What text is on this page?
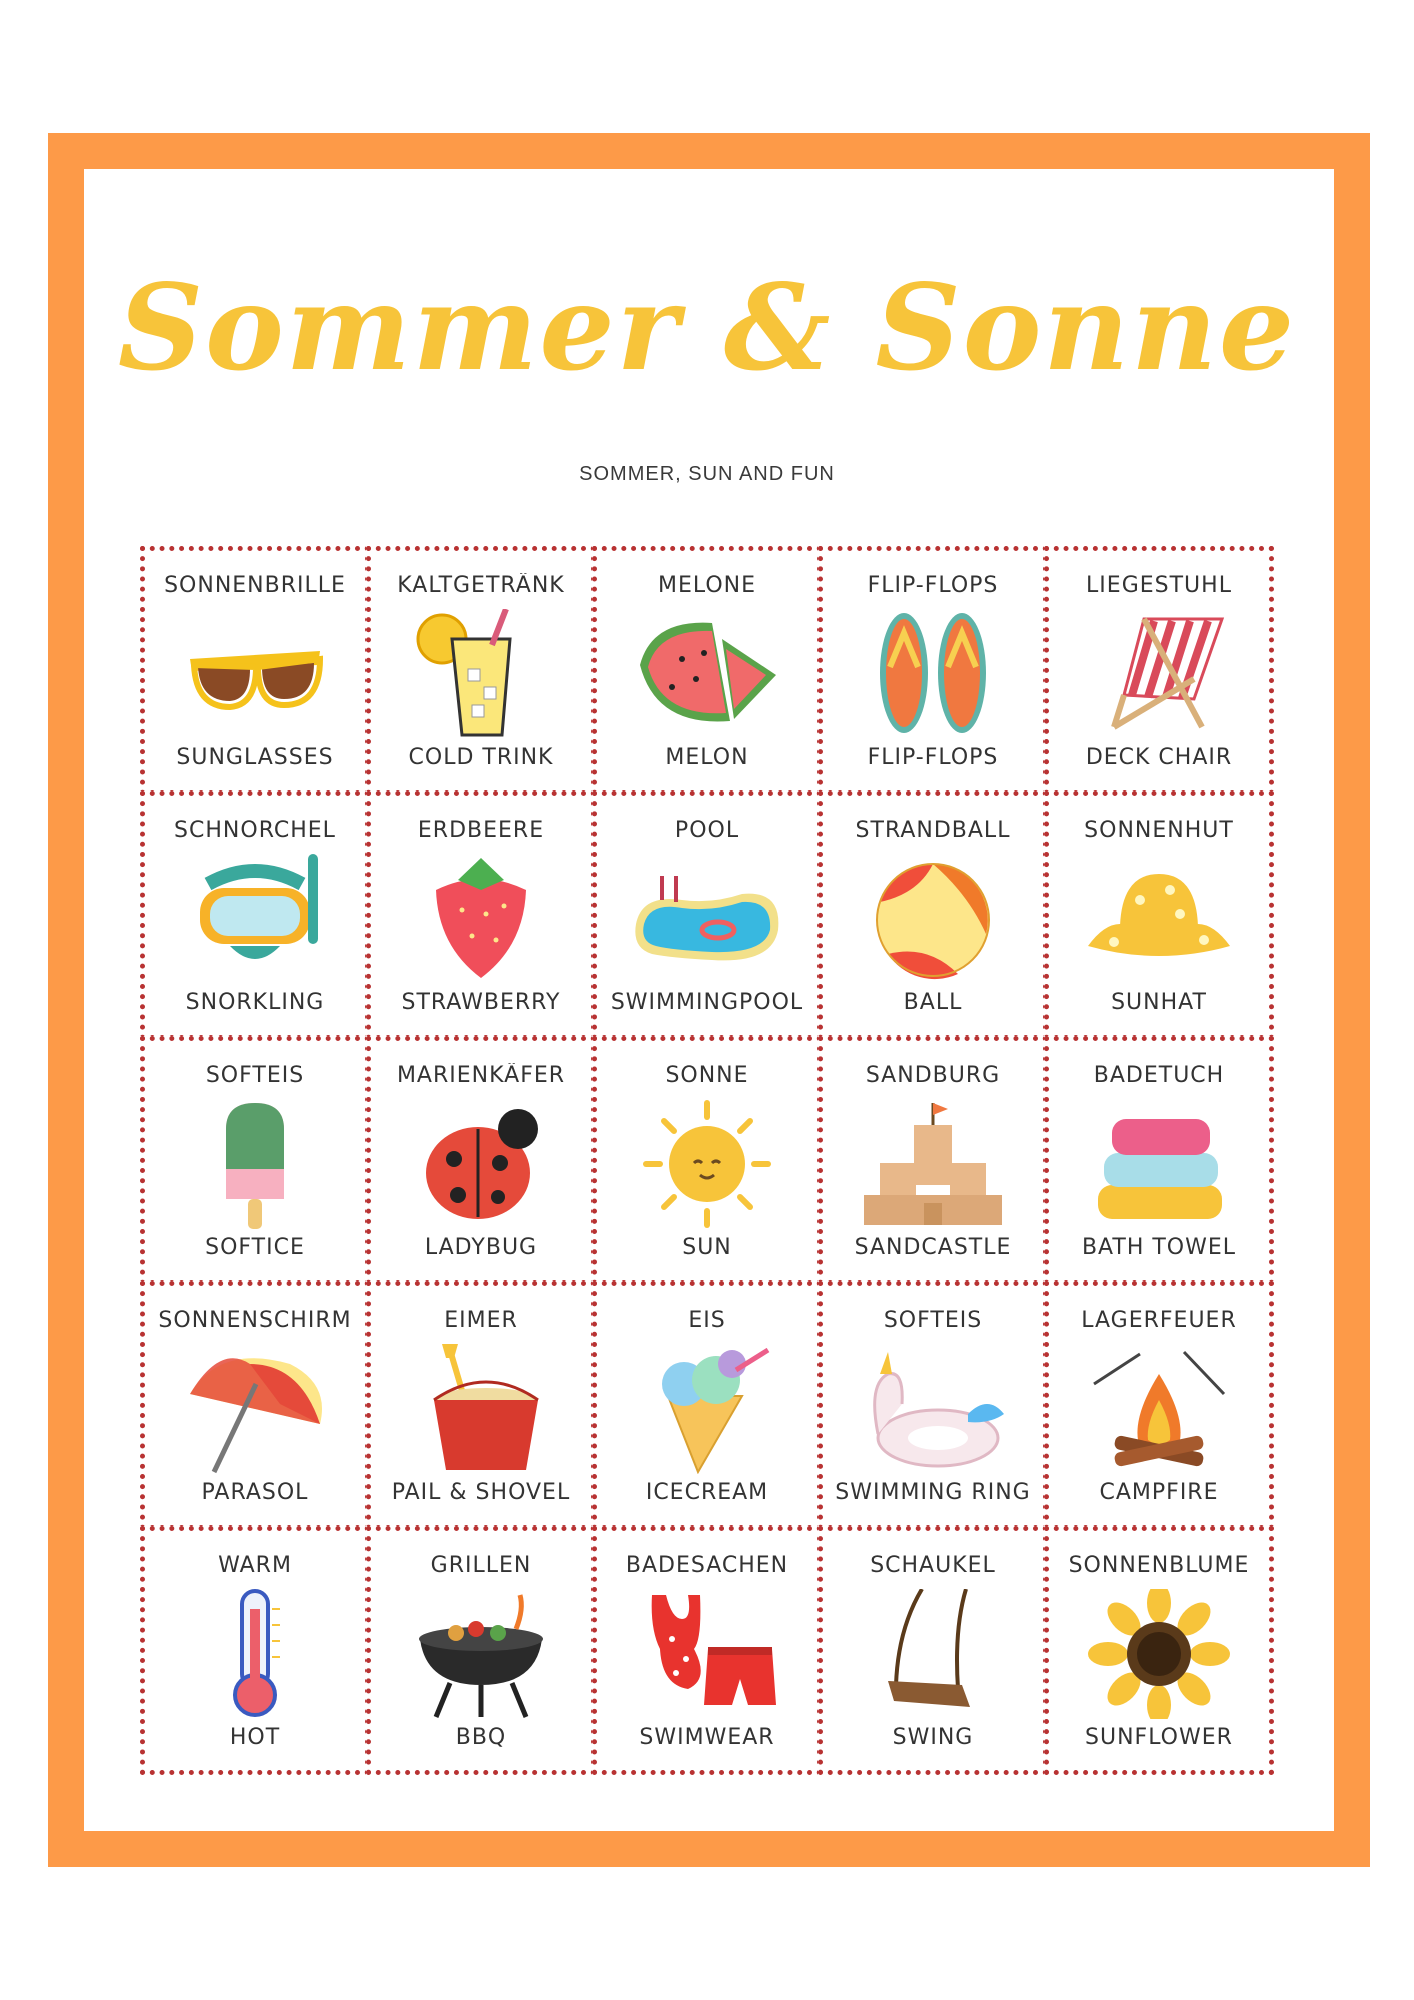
Sommer & Sonne
SOMMER, SUN AND FUN
SONNENBRILLE
SUNGLASSES
KALTGETRÄNK
COLD TRINK
MELONE
MELON
FLIP-FLOPS
FLIP-FLOPS
LIEGESTUHL
DECK CHAIR
SCHNORCHEL
SNORKLING
ERDBEERE
STRAWBERRY
POOL
SWIMMINGPOOL
STRANDBALL
BALL
SONNENHUT
SUNHAT
SOFTEIS
SOFTICE
MARIENKÄFER
LADYBUG
SONNE
SUN
SANDBURG
SANDCASTLE
BADETUCH
BATH TOWEL
SONNENSCHIRM
PARASOL
EIMER
PAIL & SHOVEL
EIS
ICECREAM
SOFTEIS
SWIMMING RING
LAGERFEUER
CAMPFIRE
WARM
HOT
GRILLEN
BBQ
BADESACHEN
SWIMWEAR
SCHAUKEL
SWING
SONNENBLUME
SUNFLOWER
